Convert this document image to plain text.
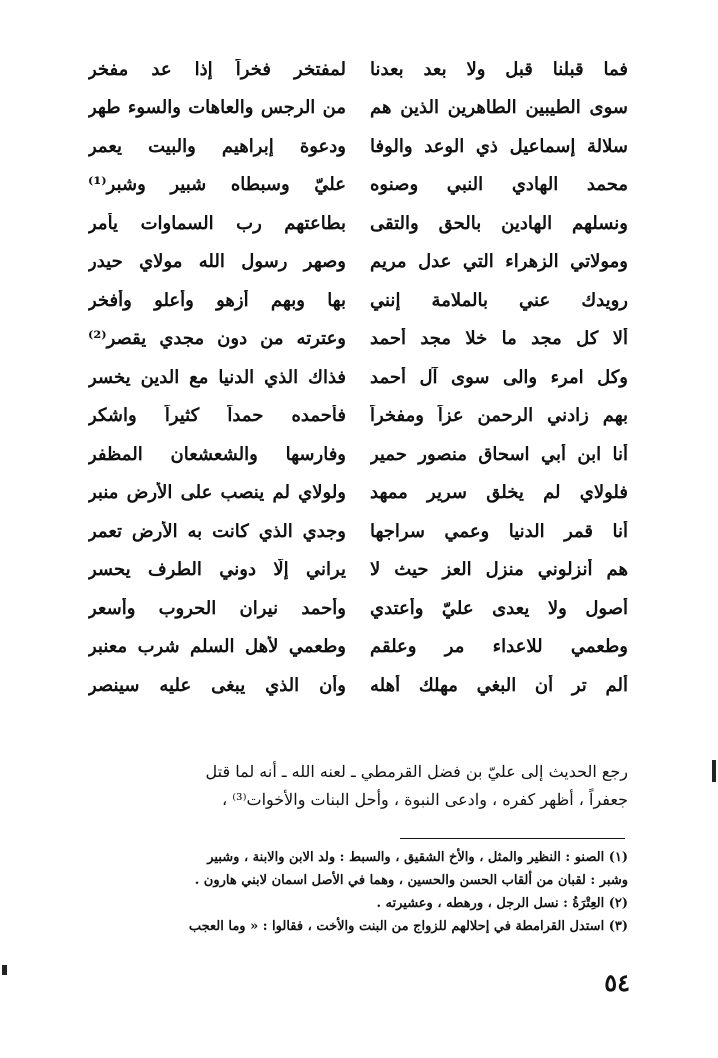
فما قبلنا قبل ولا بعد بعدنا
لمفتخر فخراً إذا عد مفخر
سوى الطيبين الطاهرين الذين هم
من الرجس والعاهات والسوء طهر
سلالة إسماعيل ذي الوعد والوفا
ودعوة إبراهيم والبيت يعمر
محمد الهادي النبي وصنوه
عليّ وسبطاه شبير وشبر⁽¹⁾
ونسلهم الهادين بالحق والتقى
بطاعتهم رب السماوات يأمر
ومولاتي الزهراء التي عدل مريم
وصهر رسول الله مولاي حيدر
رويدك عني بالملامة إنني
بها وبهم أزهو وأعلو وأفخر
ألا كل مجد ما خلا مجد أحمد
وعترته من دون مجدي يقصر⁽²⁾
وكل امرء والى سوى آل أحمد
فذاك الذي الدنيا مع الدين يخسر
بهم زادني الرحمن عزاً ومفخراً
فأحمده حمداً كثيراً واشكر
أنا ابن أبي اسحاق منصور حمير
وفارسها والشعشعان المظفر
فلولاي لم يخلق سرير ممهد
ولولاي لم ينصب على الأرض منبر
أنا قمر الدنيا وعمي سراجها
وجدي الذي كانت به الأرض تعمر
هم أنزلوني منزل العز حيث لا
يراني إلّا دوني الطرف يحسر
أصول ولا يعدى عليّ وأعتدي
وأحمد نيران الحروب وأسعر
وطعمي للاعداء مر وعلقم
وطعمي لأهل السلم شرب معنبر
ألم تر أن البغي مهلك أهله
وأن الذي يبغى عليه سينصر
رجع الحديث إلى عليّ بن فضل القرمطي ـ لعنه الله ـ أنه لما قتل
جعفراً ، أظهر كفره ، وادعى النبوة ، وأحل البنات والأخوات⁽³⁾ ،

(١) الصنو : النظير والمثل ، والأخ الشقيق ، والسبط : ولد الابن والابنة ، وشبير

وشبر : لقبان من ألقاب الحسن والحسين ، وهما في الأصل اسمان لابني هارون .

(٢) العِتْرَةُ : نسل الرجل ، ورهطه ، وعشيرته .

(٣) استدل القرامطة في إحلالهم للزواج من البنت والأخت ، فقالوا : « وما العجب

٥٤
